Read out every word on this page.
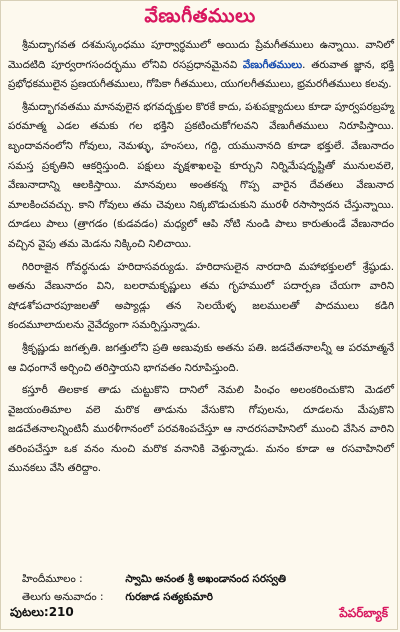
వేణుగీతములు

శ్రీమద్భాగవత దశమస్కంధము పూర్వార్థములో అయిదు ప్రేమగీతములు ఉన్నాయి. వానిలో మొదటిది పూర్వరాగసందర్భము లోనివి రసప్రధానమైనవి వేణుగీతములు. తరువాత జ్ఞాన, భక్తి ప్రభోధకములైన ప్రణయగీతములు, గోపికా గీతములు, యుగలగీతములు, భ్రమరగీతములు కలవు.

శ్రీమద్భాగవతము మానవులైన భగవద్భక్తుల కొరకే కాదు, పశుపక్ష్యాదులు కూడా పూర్వపరబ్రహ్మ పరమాత్మ ఎడల తమకు గల భక్తిని ప్రకటించుకోగలవని వేణుగీతములు నిరూపిస్తాయి. బృందావనంలోని గోవులు, నెమళ్ళు, హంసలు, గద్ది, యమునానది కూడా భక్తులే. వేణునాదం సమస్త ప్రకృతిని ఆకర్షిస్తుంది. పక్షులు వృక్షశాఖలపై కూర్చుని నిర్నిమేషదృష్టితో మునులవలె, వేణునాదాన్ని ఆలకిస్తాయి. మానవులు అంతకన్న గొప్ప వారైన దేవతలు వేణునాద మాలకించవచ్చు. కాని గోవులు తమ చెవులు నిక్కబొడుచుకుని మురళీ రసాస్వాదన చేస్తున్నాయి. దూడలు పాలు (త్రాగడం (కుడవడం) మధ్యలో ఆపి నోటి నుండి పాలు కారుతుండే వేణునాదం వచ్చిన వైపు తమ మెడను నిక్కించి నిలిచాయి.

గిరిరాజైన గోవర్థనుడు హరిదాసవర్యుడు. హరిదాసులైన నారదాది మహాభక్తులలో శ్రేష్ఠుడు. అతను వేణునాదం విని, బలరామకృష్ణులు తమ గృహములో పదార్పణ చేయగా వారిని షోడశోపచారపూజలతో అప్యాడ్లు తన సెలయేళ్ళ జలములతో పాదములు కడిగి కందమూలాదులను నైవేద్యంగా సమర్పిస్తున్నాడు.

శ్రీకృష్ణుడు జగత్పతి. జగత్తులోని ప్రతి అణువుకు అతను పతి. జడచేతనాలన్నీ ఆ పరమాత్మనే ఆ విధంగానే అర్చించి తరిస్తాయని భాగవతం నిరూపిస్తుంది.

కస్తూరీ తిలకాక తాడు చుట్టుకొని దానిలో నెమలి పింఛం అలంకరించుకొని మెడలో వైజయంతిమాల వలె మరొక తాడును వేసుకొని గోపులను, దూడలను మేపుకొని జడచేతనాలన్నింటినీ మురళీగానంలో పరవశింపచేస్తూ ఆ నాదరసవాహినిలో ముంచి వేసిన వారిని తరింపచేస్తూ ఒక వనం నుంచి మరొక వనానికి వెళ్తున్నాడు. మనం కూడా ఆ రసవాహినిలో మునకలు వేసి తరిద్దాం.

హిందీమూలం :	స్వామి అనంత శ్రీ అఖండానంద సరస్వతి
తెలుగు అనువాదం : గురజాడ సత్యకుమారి
పుటలు:210	పేపర్‌బ్యాక్
